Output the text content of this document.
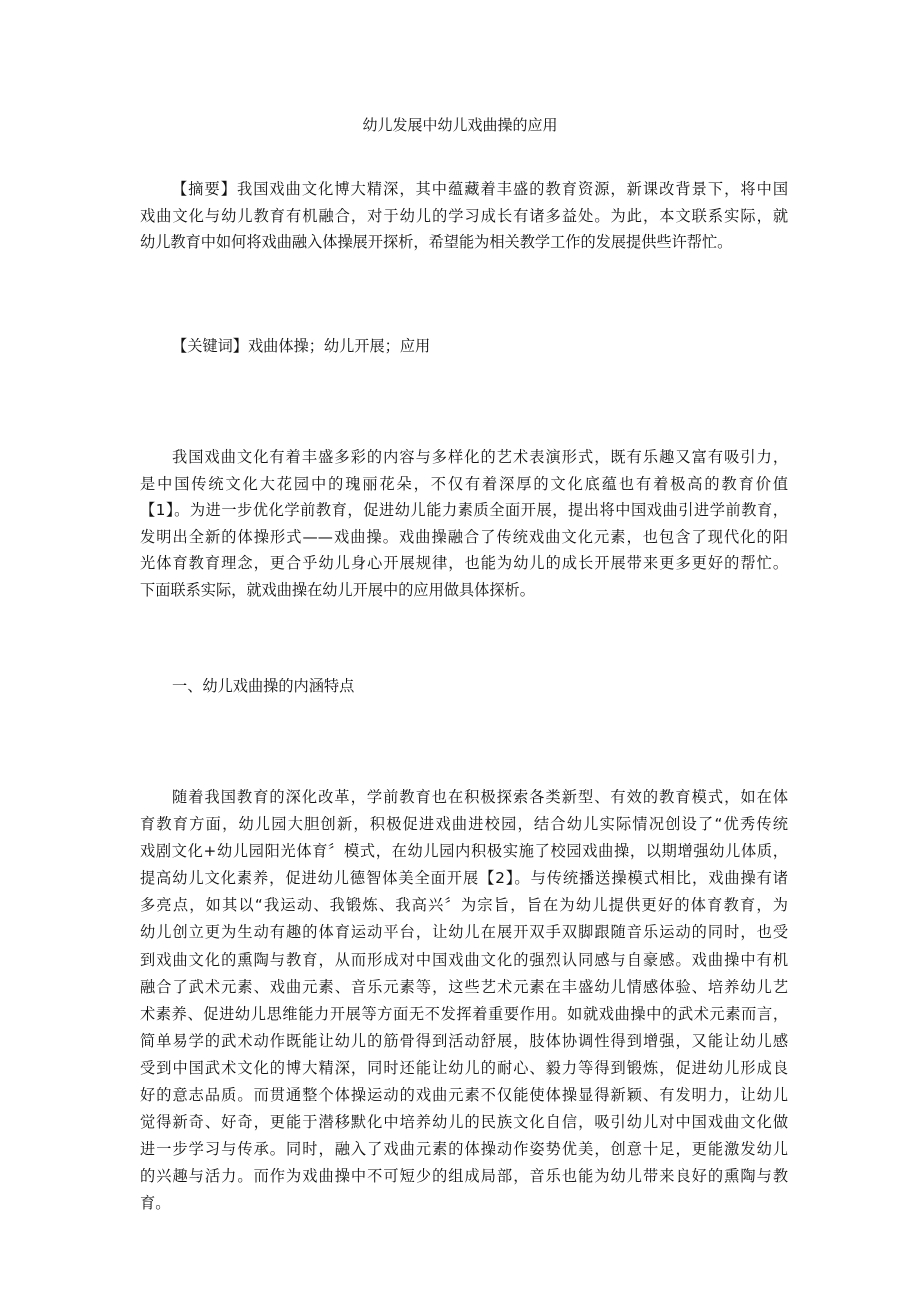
幼儿发展中幼儿戏曲操的应用
【摘要】我国戏曲文化博大精深，其中蕴藏着丰盛的教育资源，新课改背景下，将中国
戏曲文化与幼儿教育有机融合，对于幼儿的学习成长有诸多益处。为此，本文联系实际，就
幼儿教育中如何将戏曲融入体操展开探析，希望能为相关教学工作的发展提供些许帮忙。
【关键词】戏曲体操；幼儿开展；应用
我国戏曲文化有着丰盛多彩的内容与多样化的艺术表演形式，既有乐趣又富有吸引力，
是中国传统文化大花园中的瑰丽花朵，不仅有着深厚的文化底蕴也有着极高的教育价值
【1】。为进一步优化学前教育，促进幼儿能力素质全面开展，提出将中国戏曲引进学前教育，
发明出全新的体操形式——戏曲操。戏曲操融合了传统戏曲文化元素，也包含了现代化的阳
光体育教育理念，更合乎幼儿身心开展规律，也能为幼儿的成长开展带来更多更好的帮忙。
下面联系实际，就戏曲操在幼儿开展中的应用做具体探析。
一、幼儿戏曲操的内涵特点
随着我国教育的深化改革，学前教育也在积极探索各类新型、有效的教育模式，如在体
育教育方面，幼儿园大胆创新，积极促进戏曲进校园，结合幼儿实际情况创设了“优秀传统
戏剧文化+幼儿园阳光体育〞模式，在幼儿园内积极实施了校园戏曲操，以期增强幼儿体质，
提高幼儿文化素养，促进幼儿德智体美全面开展【2】。与传统播送操模式相比，戏曲操有诸
多亮点，如其以“我运动、我锻炼、我高兴〞为宗旨，旨在为幼儿提供更好的体育教育，为
幼儿创立更为生动有趣的体育运动平台，让幼儿在展开双手双脚跟随音乐运动的同时，也受
到戏曲文化的熏陶与教育，从而形成对中国戏曲文化的强烈认同感与自豪感。戏曲操中有机
融合了武术元素、戏曲元素、音乐元素等，这些艺术元素在丰盛幼儿情感体验、培养幼儿艺
术素养、促进幼儿思维能力开展等方面无不发挥着重要作用。如就戏曲操中的武术元素而言，
简单易学的武术动作既能让幼儿的筋骨得到活动舒展，肢体协调性得到增强，又能让幼儿感
受到中国武术文化的博大精深，同时还能让幼儿的耐心、毅力等得到锻炼，促进幼儿形成良
好的意志品质。而贯通整个体操运动的戏曲元素不仅能使体操显得新颖、有发明力，让幼儿
觉得新奇、好奇，更能于潜移默化中培养幼儿的民族文化自信，吸引幼儿对中国戏曲文化做
进一步学习与传承。同时，融入了戏曲元素的体操动作姿势优美，创意十足，更能激发幼儿
的兴趣与活力。而作为戏曲操中不可短少的组成局部，音乐也能为幼儿带来良好的熏陶与教
育。
